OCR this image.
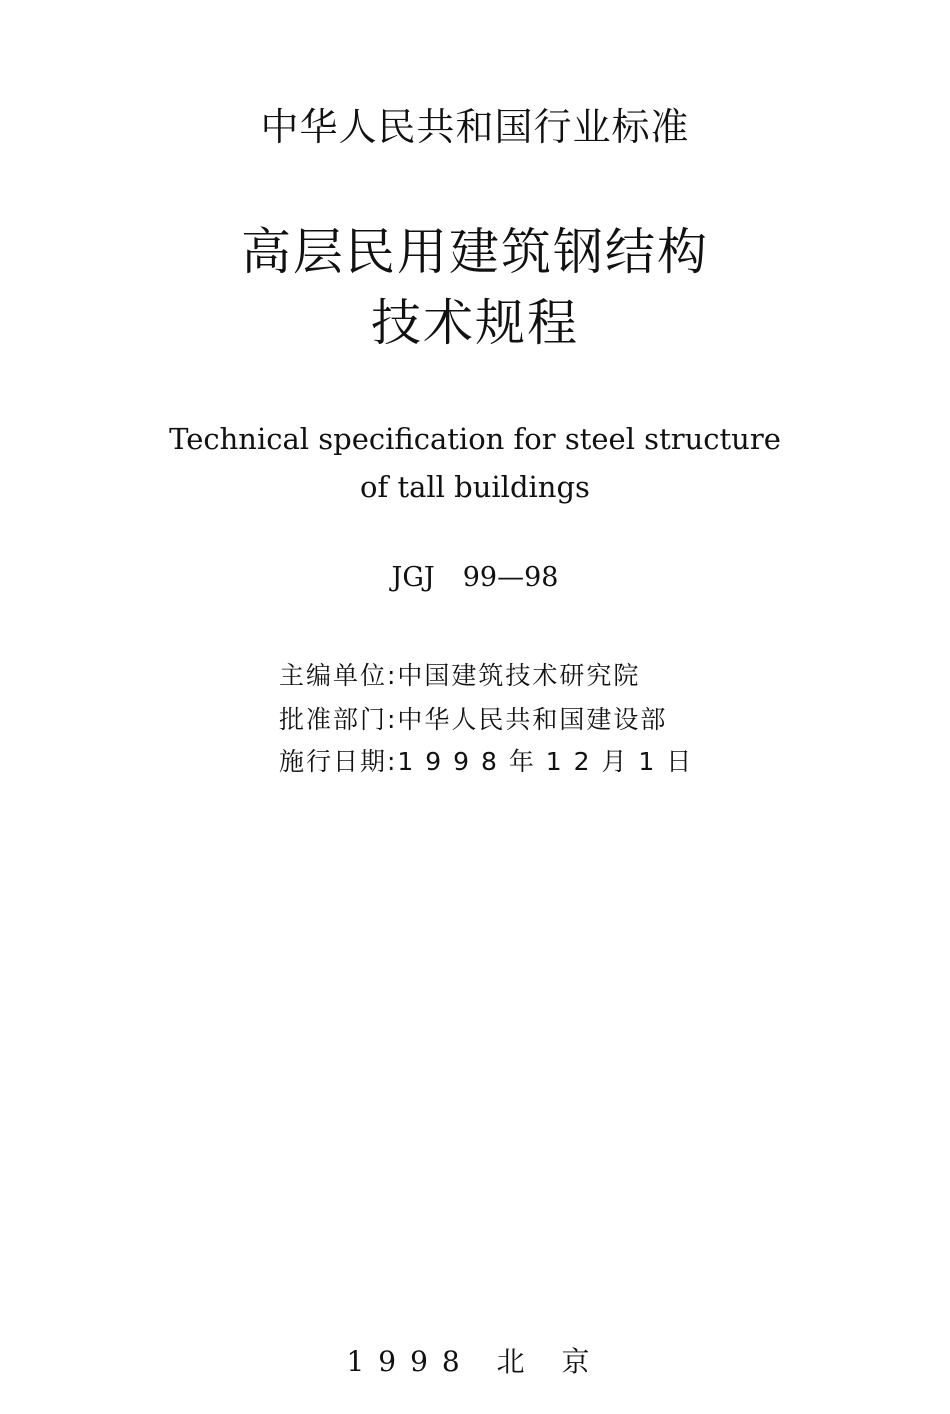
中华人民共和国行业标准
高层民用建筑钢结构
技术规程
Technical specification for steel structure
of tall buildings
JGJ 99—98
主编单位:中国建筑技术研究院
批准部门:中华人民共和国建设部
施行日期:1 9 9 8 年 1 2 月 1 日
1998 北 京
